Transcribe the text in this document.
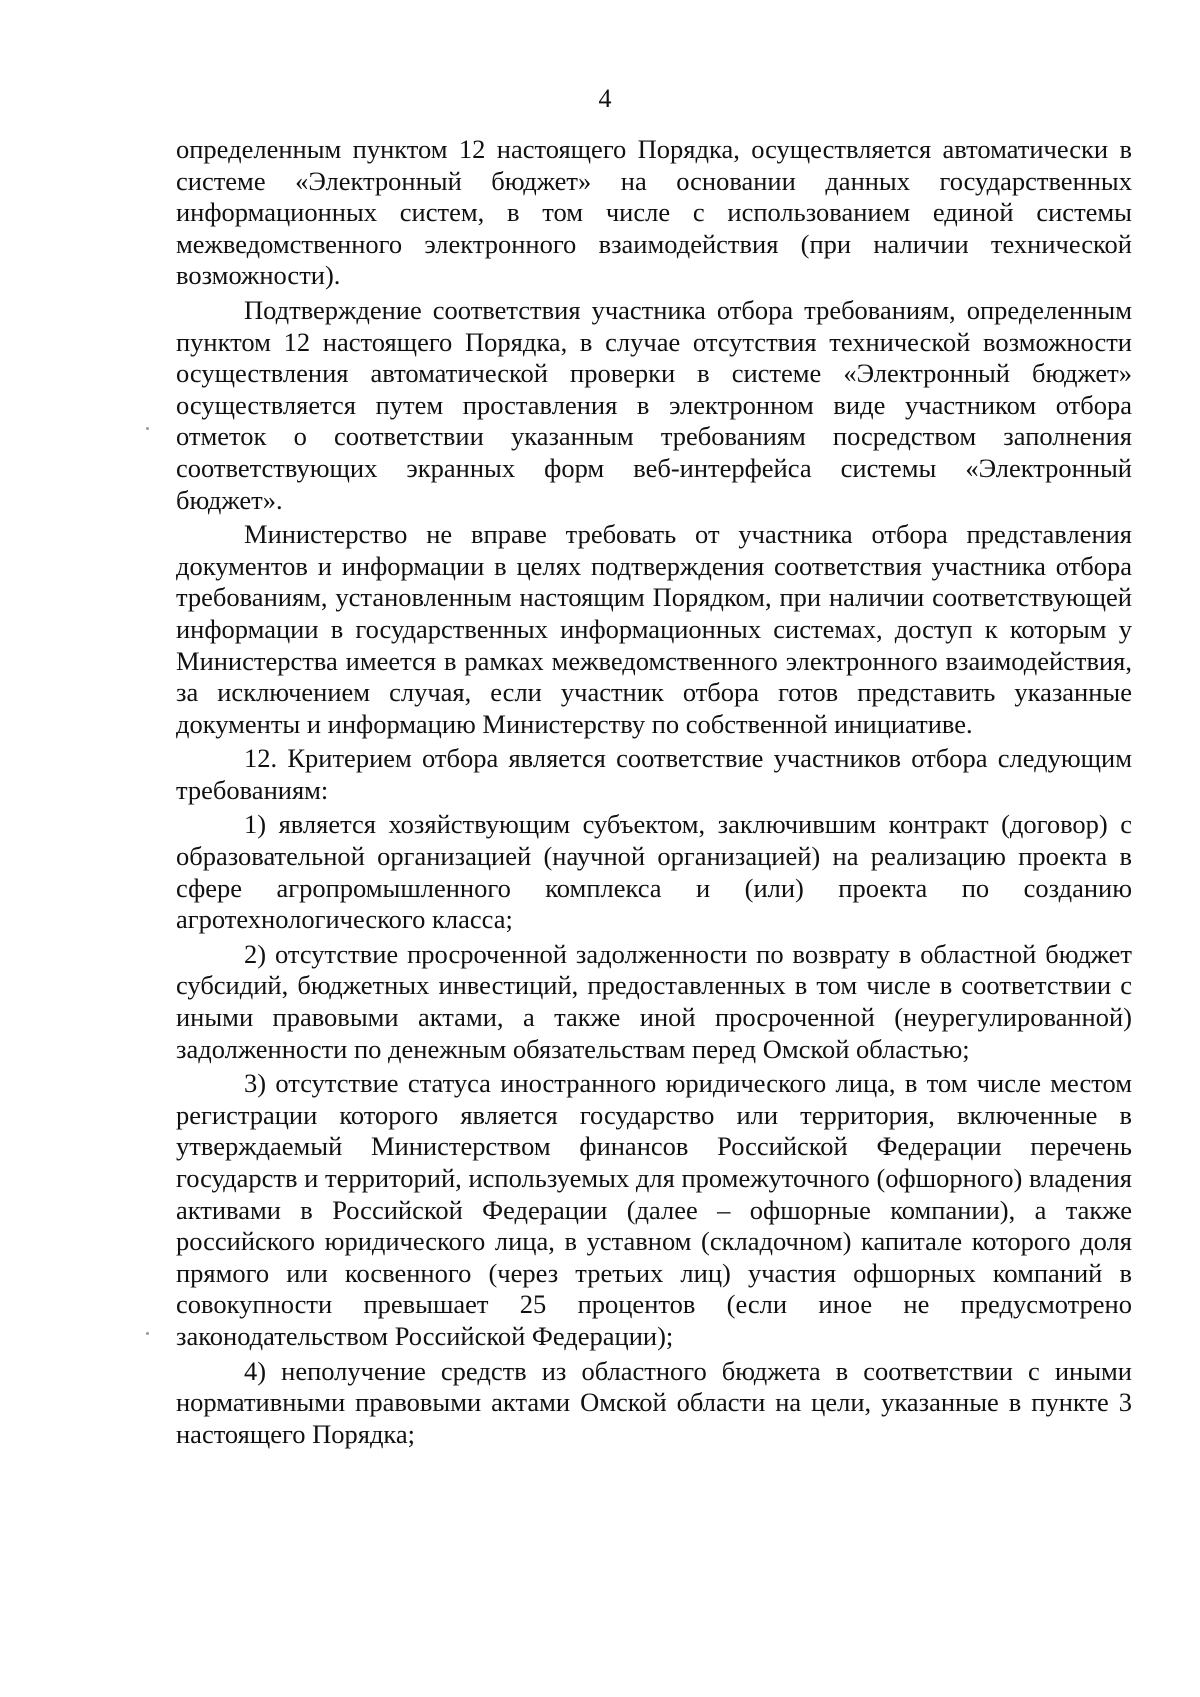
4

определенным пунктом 12 настоящего Порядка, осуществляется автоматически в системе «Электронный бюджет» на основании данных государственных информационных систем, в том числе с использованием единой системы межведомственного электронного взаимодействия (при наличии технической возможности).

Подтверждение соответствия участника отбора требованиям, определенным пунктом 12 настоящего Порядка, в случае отсутствия технической возможности осуществления автоматической проверки в системе «Электронный бюджет» осуществляется путем проставления в электронном виде участником отбора отметок о соответствии указанным требованиям посредством заполнения соответствующих экранных форм веб-интерфейса системы «Электронный бюджет».

Министерство не вправе требовать от участника отбора представления документов и информации в целях подтверждения соответствия участника отбора требованиям, установленным настоящим Порядком, при наличии соответствующей информации в государственных информационных системах, доступ к которым у Министерства имеется в рамках межведомственного электронного взаимодействия, за исключением случая, если участник отбора готов представить указанные документы и информацию Министерству по собственной инициативе.

12. Критерием отбора является соответствие участников отбора следующим требованиям:

1) является хозяйствующим субъектом, заключившим контракт (договор) с образовательной организацией (научной организацией) на реализацию проекта в сфере агропромышленного комплекса и (или) проекта по созданию агротехнологического класса;

2) отсутствие просроченной задолженности по возврату в областной бюджет субсидий, бюджетных инвестиций, предоставленных в том числе в соответствии с иными правовыми актами, а также иной просроченной (неурегулированной) задолженности по денежным обязательствам перед Омской областью;

3) отсутствие статуса иностранного юридического лица, в том числе местом регистрации которого является государство или территория, включенные в утверждаемый Министерством финансов Российской Федерации перечень государств и территорий, используемых для промежуточного (офшорного) владения активами в Российской Федерации (далее – офшорные компании), а также российского юридического лица, в уставном (складочном) капитале которого доля прямого или косвенного (через третьих лиц) участия офшорных компаний в совокупности превышает 25 процентов (если иное не предусмотрено законодательством Российской Федерации);

4) неполучение средств из областного бюджета в соответствии с иными нормативными правовыми актами Омской области на цели, указанные в пункте 3 настоящего Порядка;
